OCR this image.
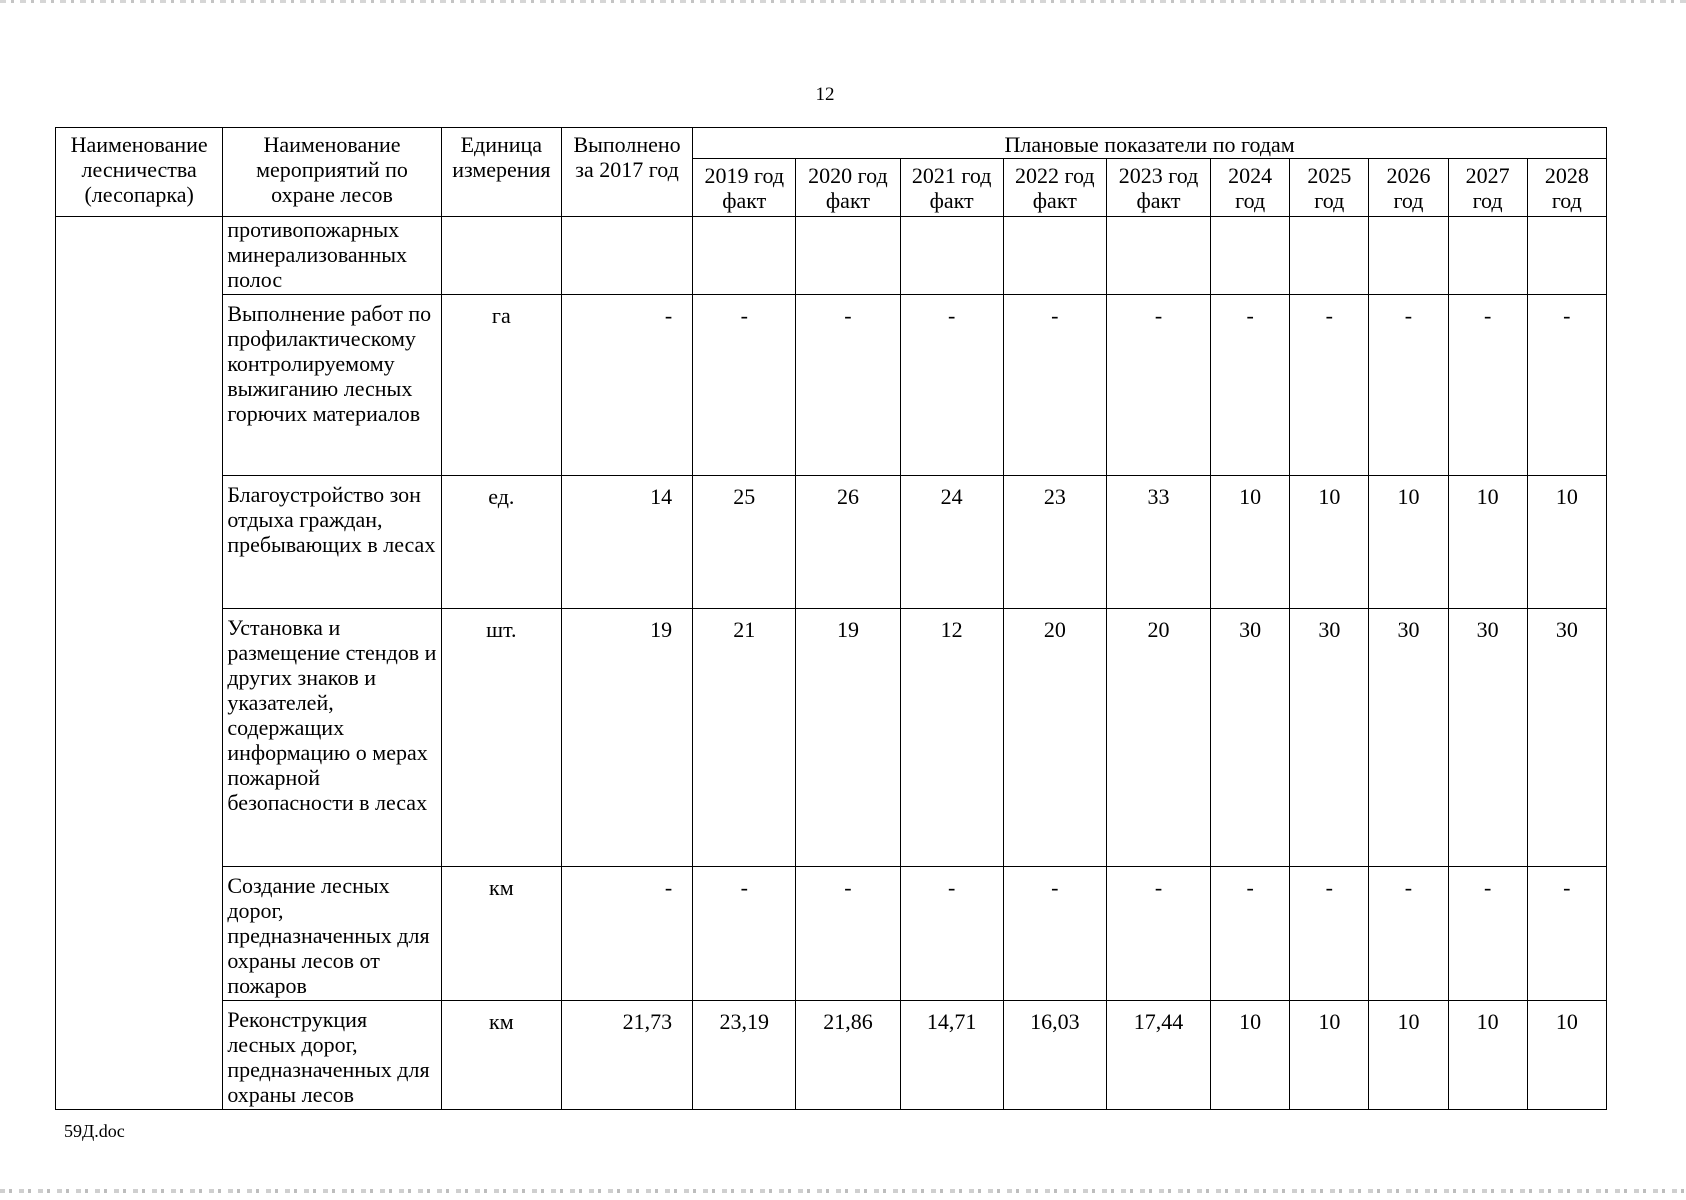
12
Наименование лесничества (лесопарка)	Наименование мероприятий по охране лесов	Единица измерения	Выполнено за 2017 год	Плановые показатели по годам									
				2019 год факт	2020 год факт	2021 год факт	2022 год факт	2023 год факт	2024 год	2025 год	2026 год	2027 год	2028 год
	противопожарных минерализованных полос												
	Выполнение работ по профилактическому контролируемому выжиганию лесных горючих материалов	га	-	-	-	-	-	-	-	-	-	-	-
	Благоустройство зон отдыха граждан, пребывающих в лесах	ед.	14	25	26	24	23	33	10	10	10	10	10
	Установка и размещение стендов и других знаков и указателей, содержащих информацию о мерах пожарной безопасности в лесах	шт.	19	21	19	12	20	20	30	30	30	30	30
	Создание лесных дорог, предназначенных для охраны лесов от пожаров	км	-	-	-	-	-	-	-	-	-	-	-
	Реконструкция лесных дорог, предназначенных для охраны лесов	км	21,73	23,19	21,86	14,71	16,03	17,44	10	10	10	10	10
59Д.doc
